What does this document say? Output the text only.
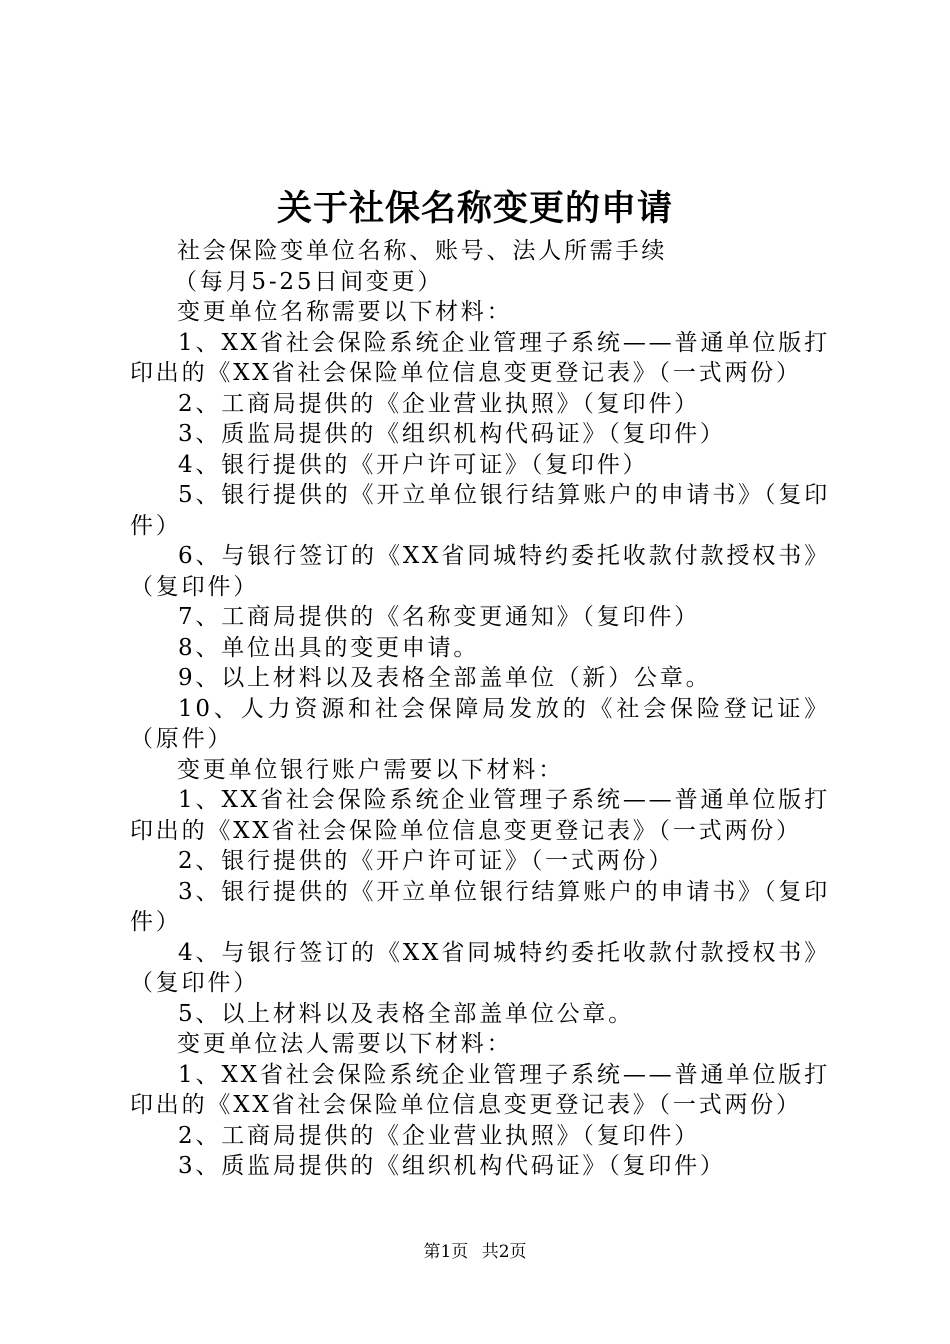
关于社保名称变更的申请

社会保险变单位名称、账号、法人所需手续

（每月5-25日间变更）

变更单位名称需要以下材料：

1、XX省社会保险系统企业管理子系统——普通单位版打印出的《XX省社会保险单位信息变更登记表》（一式两份）

2、工商局提供的《企业营业执照》（复印件）

3、质监局提供的《组织机构代码证》（复印件）

4、银行提供的《开户许可证》（复印件）

5、银行提供的《开立单位银行结算账户的申请书》（复印件）

6、与银行签订的《XX省同城特约委托收款付款授权书》（复印件）

7、工商局提供的《名称变更通知》（复印件）

8、单位出具的变更申请。

9、以上材料以及表格全部盖单位（新）公章。

10、人力资源和社会保障局发放的《社会保险登记证》（原件）

变更单位银行账户需要以下材料：

1、XX省社会保险系统企业管理子系统——普通单位版打印出的《XX省社会保险单位信息变更登记表》（一式两份）

2、银行提供的《开户许可证》（一式两份）

3、银行提供的《开立单位银行结算账户的申请书》（复印件）

4、与银行签订的《XX省同城特约委托收款付款授权书》（复印件）

5、以上材料以及表格全部盖单位公章。

变更单位法人需要以下材料：

1、XX省社会保险系统企业管理子系统——普通单位版打印出的《XX省社会保险单位信息变更登记表》（一式两份）

2、工商局提供的《企业营业执照》（复印件）

3、质监局提供的《组织机构代码证》（复印件）

第1页 共2页
